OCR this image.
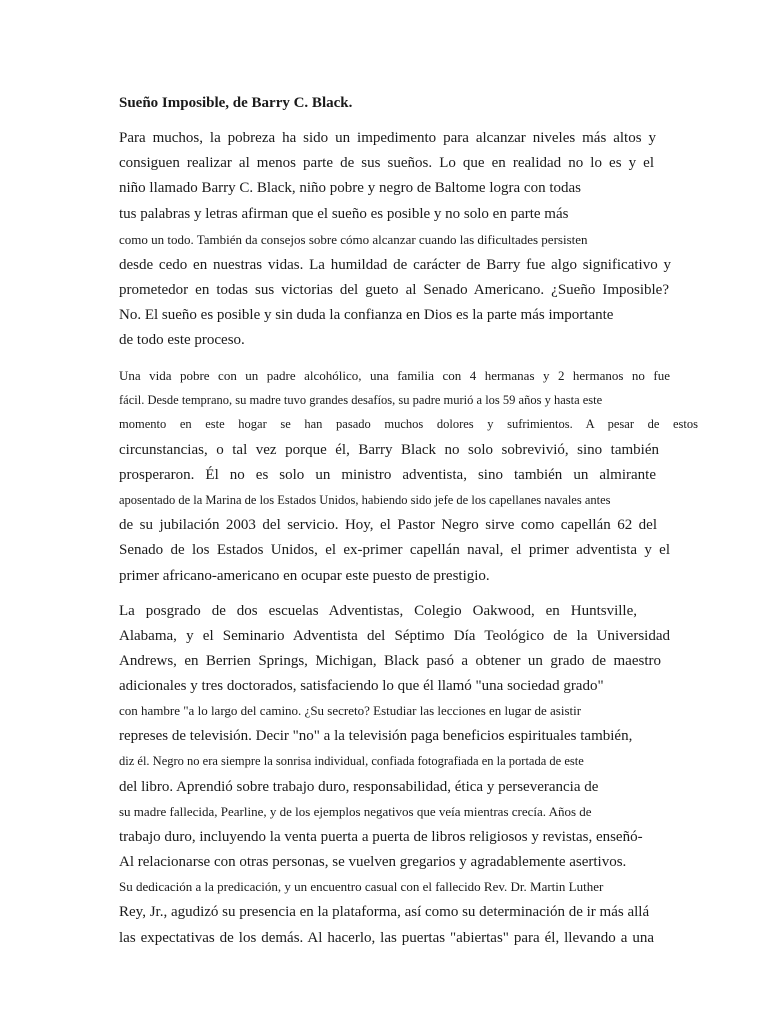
Sueño Imposible, de Barry C. Black.
Para muchos, la pobreza ha sido un impedimento para alcanzar niveles más altos y
consiguen realizar al menos parte de sus sueños. Lo que en realidad no lo es y el
niño llamado Barry C. Black, niño pobre y negro de Baltome logra con todas
tus palabras y letras afirman que el sueño es posible y no solo en parte más
como un todo. También da consejos sobre cómo alcanzar cuando las dificultades persisten
desde cedo en nuestras vidas. La humildad de carácter de Barry fue algo significativo y
prometedor en todas sus victorias del gueto al Senado Americano. ¿Sueño Imposible?
No. El sueño es posible y sin duda la confianza en Dios es la parte más importante
de todo este proceso.
Una vida pobre con un padre alcohólico, una familia con 4 hermanas y 2 hermanos no fue
fácil. Desde temprano, su madre tuvo grandes desafíos, su padre murió a los 59 años y hasta este
momento en este hogar se han pasado muchos dolores y sufrimientos. A pesar de estos
circunstancias, o tal vez porque él, Barry Black no solo sobrevivió, sino también
prosperaron. Él no es solo un ministro adventista, sino también un almirante
aposentado de la Marina de los Estados Unidos, habiendo sido jefe de los capellanes navales antes
de su jubilación 2003 del servicio. Hoy, el Pastor Negro sirve como capellán 62 del
Senado de los Estados Unidos, el ex-primer capellán naval, el primer adventista y el
primer africano-americano en ocupar este puesto de prestigio.
La posgrado de dos escuelas Adventistas, Colegio Oakwood, en Huntsville,
Alabama, y el Seminario Adventista del Séptimo Día Teológico de la Universidad
Andrews, en Berrien Springs, Michigan, Black pasó a obtener un grado de maestro
adicionales y tres doctorados, satisfaciendo lo que él llamó "una sociedad grado"
con hambre "a lo largo del camino. ¿Su secreto? Estudiar las lecciones en lugar de asistir
represes de televisión. Decir "no" a la televisión paga beneficios espirituales también,
diz él. Negro no era siempre la sonrisa individual, confiada fotografiada en la portada de este
del libro. Aprendió sobre trabajo duro, responsabilidad, ética y perseverancia de
su madre fallecida, Pearline, y de los ejemplos negativos que veía mientras crecía. Años de
trabajo duro, incluyendo la venta puerta a puerta de libros religiosos y revistas, enseñó-
Al relacionarse con otras personas, se vuelven gregarios y agradablemente asertivos.
Su dedicación a la predicación, y un encuentro casual con el fallecido Rev. Dr. Martin Luther
Rey, Jr., agudizó su presencia en la plataforma, así como su determinación de ir más allá
las expectativas de los demás. Al hacerlo, las puertas "abiertas" para él, llevando a una
